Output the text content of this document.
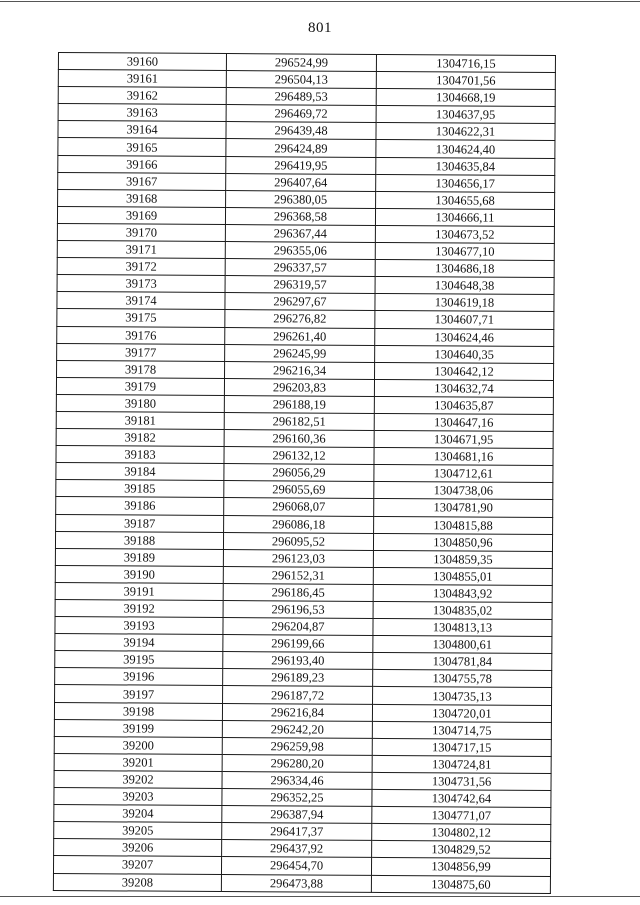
801
39160	296524,99	1304716,15
39161	296504,13	1304701,56
39162	296489,53	1304668,19
39163	296469,72	1304637,95
39164	296439,48	1304622,31
39165	296424,89	1304624,40
39166	296419,95	1304635,84
39167	296407,64	1304656,17
39168	296380,05	1304655,68
39169	296368,58	1304666,11
39170	296367,44	1304673,52
39171	296355,06	1304677,10
39172	296337,57	1304686,18
39173	296319,57	1304648,38
39174	296297,67	1304619,18
39175	296276,82	1304607,71
39176	296261,40	1304624,46
39177	296245,99	1304640,35
39178	296216,34	1304642,12
39179	296203,83	1304632,74
39180	296188,19	1304635,87
39181	296182,51	1304647,16
39182	296160,36	1304671,95
39183	296132,12	1304681,16
39184	296056,29	1304712,61
39185	296055,69	1304738,06
39186	296068,07	1304781,90
39187	296086,18	1304815,88
39188	296095,52	1304850,96
39189	296123,03	1304859,35
39190	296152,31	1304855,01
39191	296186,45	1304843,92
39192	296196,53	1304835,02
39193	296204,87	1304813,13
39194	296199,66	1304800,61
39195	296193,40	1304781,84
39196	296189,23	1304755,78
39197	296187,72	1304735,13
39198	296216,84	1304720,01
39199	296242,20	1304714,75
39200	296259,98	1304717,15
39201	296280,20	1304724,81
39202	296334,46	1304731,56
39203	296352,25	1304742,64
39204	296387,94	1304771,07
39205	296417,37	1304802,12
39206	296437,92	1304829,52
39207	296454,70	1304856,99
39208	296473,88	1304875,60
